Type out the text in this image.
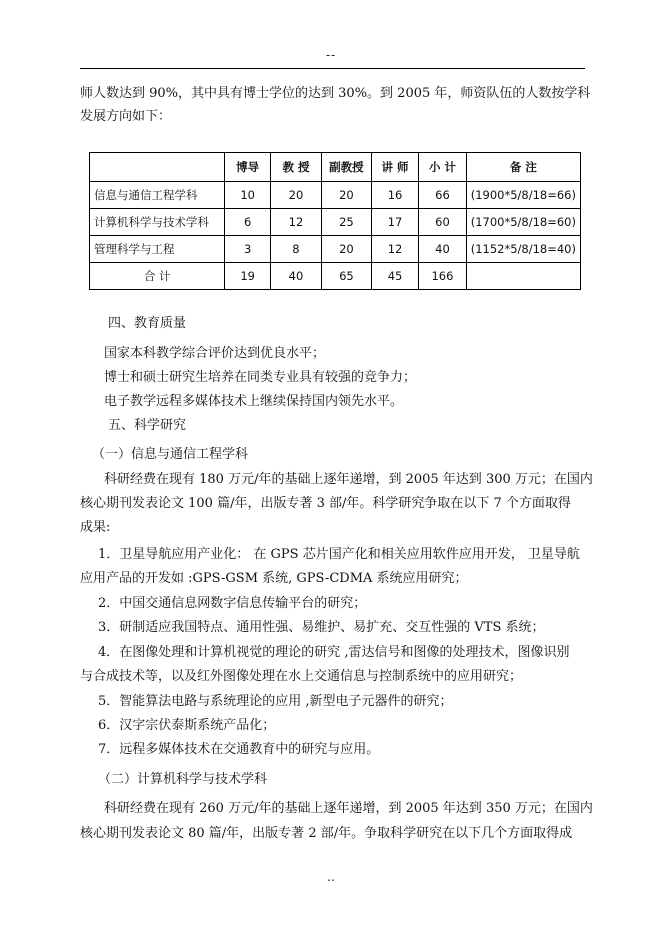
--
师人数达到 90%，其中具有博士学位的达到 30%。到 2005 年，师资队伍的人数按学科
发展方向如下：
	博导	教 授	副教授	讲 师	小 计	备 注
信息与通信工程学科	10	20	20	16	66	(1900*5/8/18=66)
计算机科学与技术学科	6	12	25	17	60	(1700*5/8/18=60)
管理科学与工程	3	8	20	12	40	(1152*5/8/18=40)
合 计	19	40	65	45	166	
四、教育质量
国家本科教学综合评价达到优良水平；
博士和硕士研究生培养在同类专业具有较强的竞争力；
电子教学远程多媒体技术上继续保持国内领先水平。
五、科学研究
（一）信息与通信工程学科
科研经费在现有 180 万元/年的基础上逐年递增，到 2005 年达到 300 万元；在国内
核心期刊发表论文 100 篇/年，出版专著 3 部/年。科学研究争取在以下 7 个方面取得
成果:
1．卫星导航应用产业化： 在 GPS 芯片国产化和相关应用软件应用开发， 卫星导航
应用产品的开发如 :GPS-GSM 系统, GPS-CDMA 系统应用研究；
2．中国交通信息网数字信息传输平台的研究；
3．研制适应我国特点、通用性强、易维护、易扩充、交互性强的 VTS 系统；
4．在图像处理和计算机视觉的理论的研究 ,雷达信号和图像的处理技术，图像识别
与合成技术等，以及红外图像处理在水上交通信息与控制系统中的应用研究；
5．智能算法电路与系统理论的应用 ,新型电子元器件的研究；
6．汉字宗伏泰斯系统产品化；
7．远程多媒体技术在交通教育中的研究与应用。
（二）计算机科学与技术学科
科研经费在现有 260 万元/年的基础上逐年递增，到 2005 年达到 350 万元；在国内
核心期刊发表论文 80 篇/年，出版专著 2 部/年。争取科学研究在以下几个方面取得成
..
